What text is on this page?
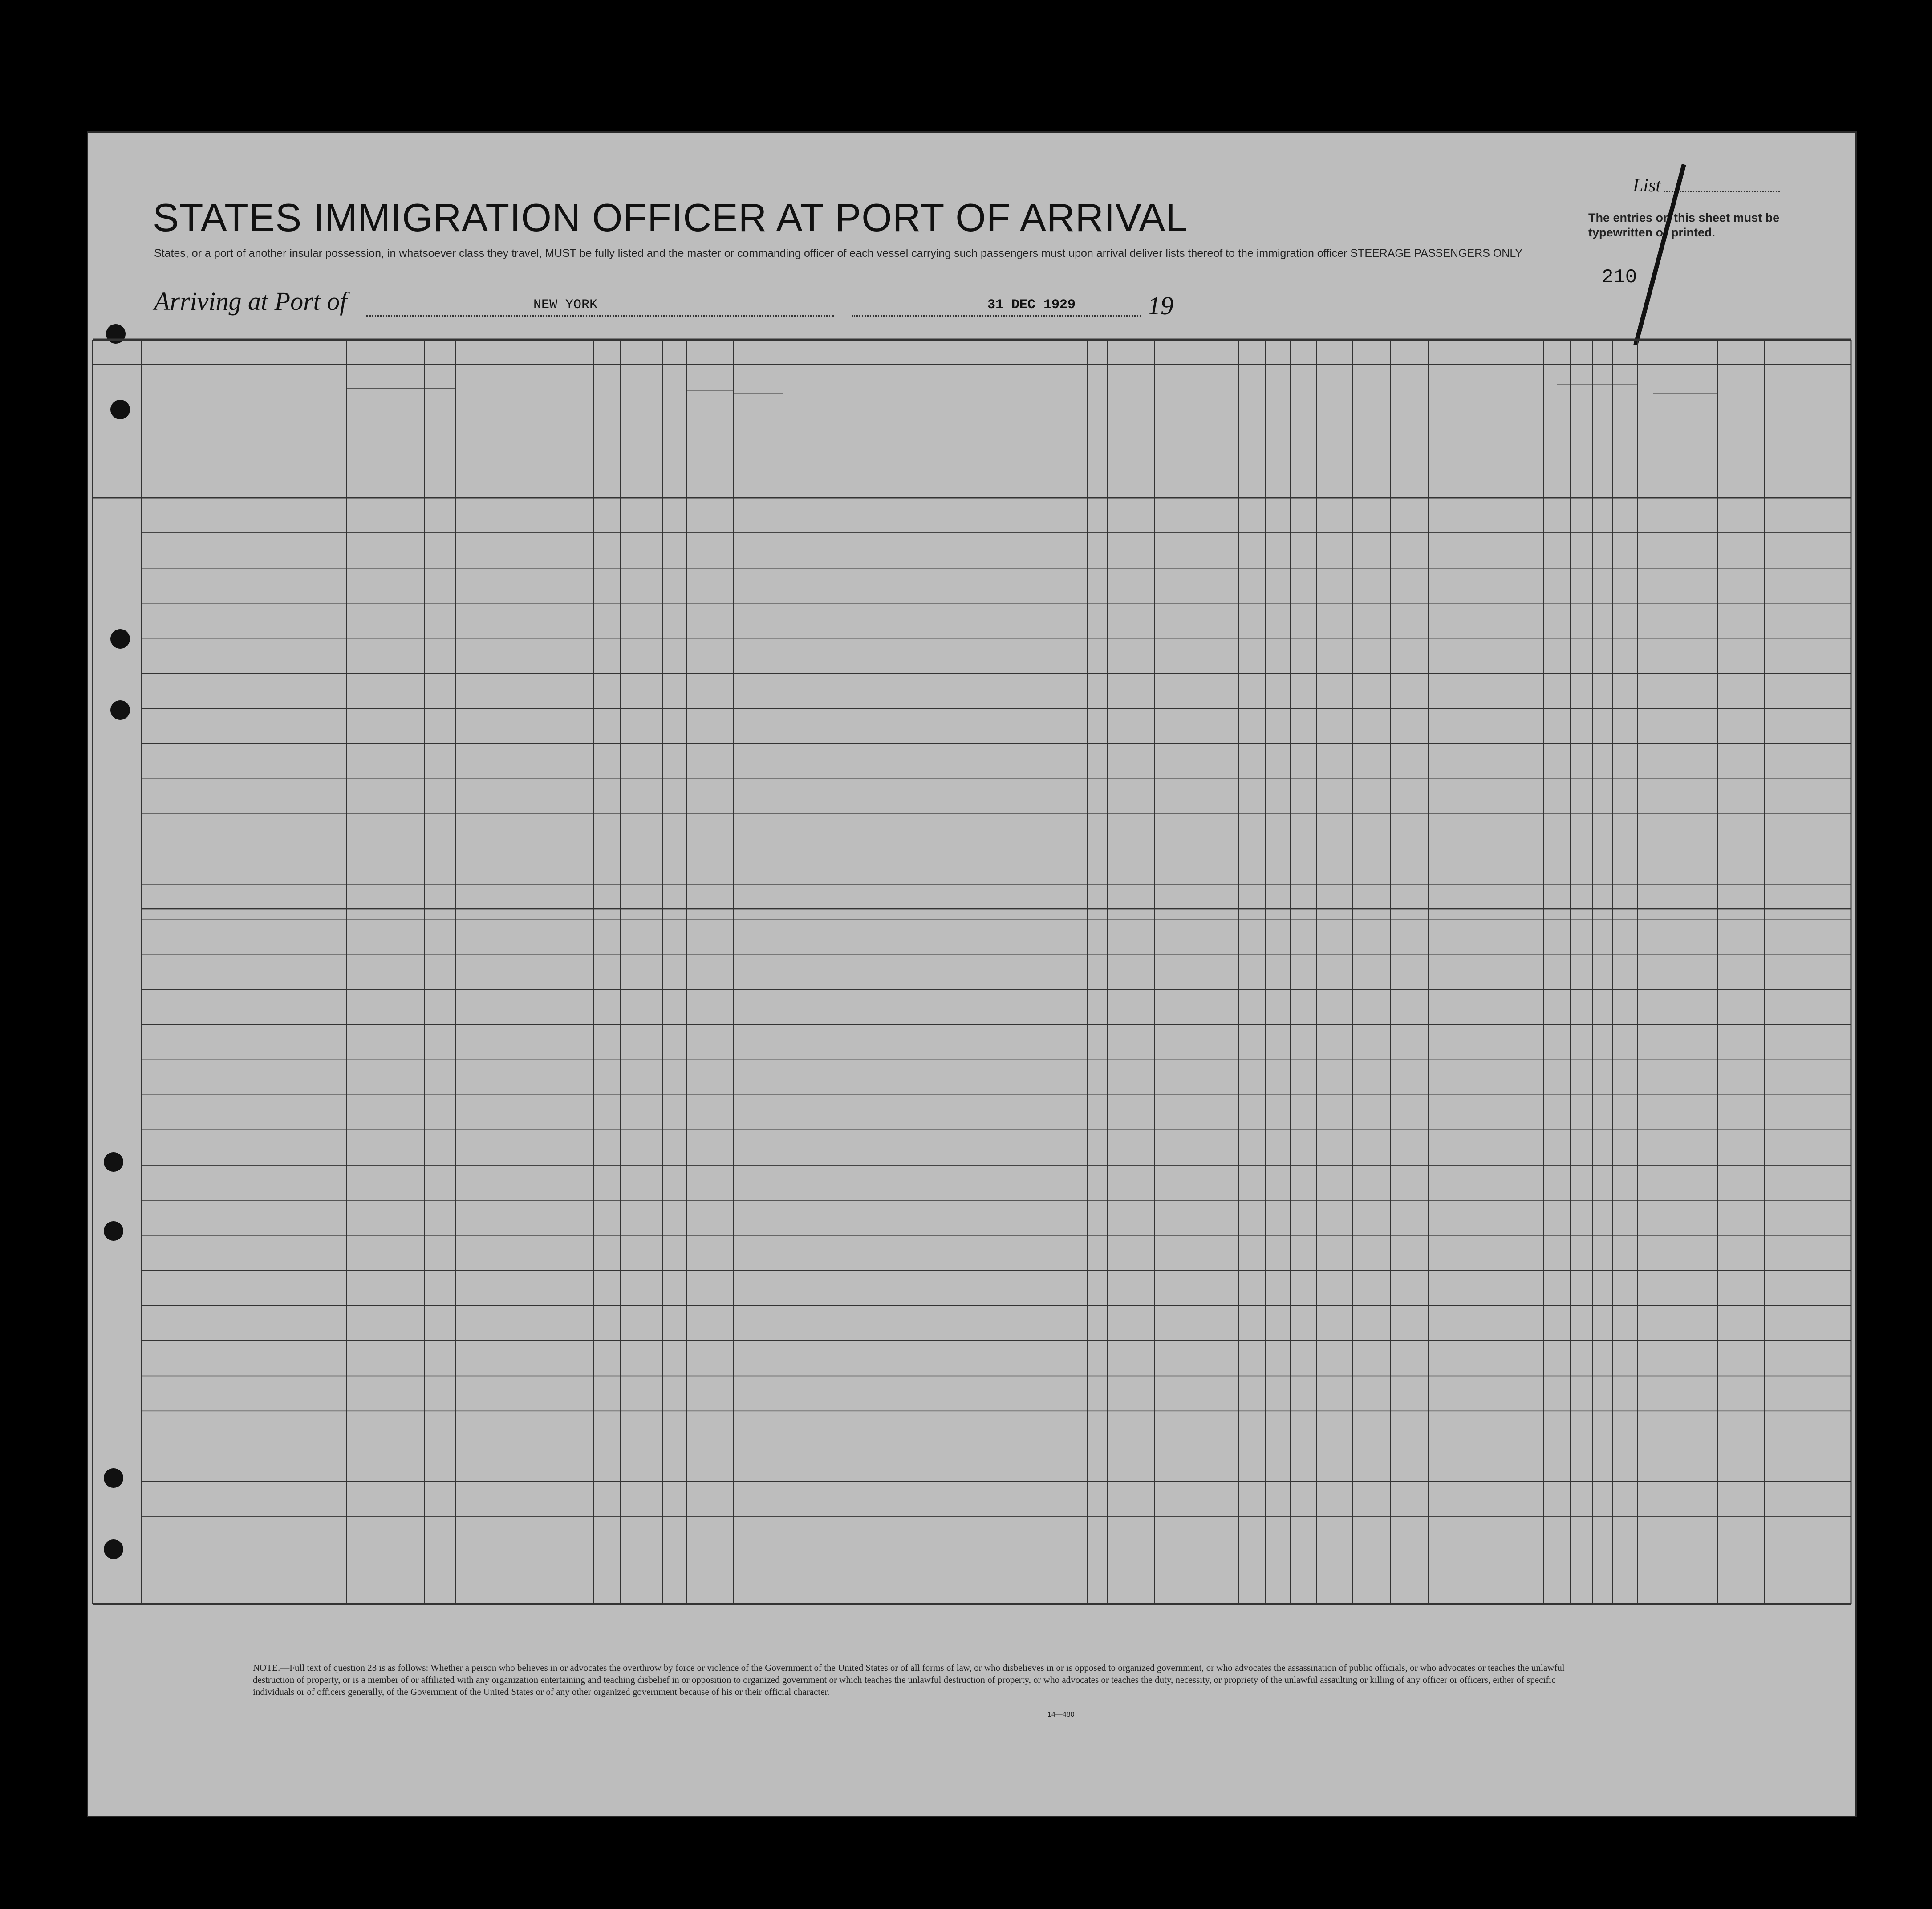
STATES IMMIGRATION OFFICER AT PORT OF ARRIVAL
States, or a port of another insular possession, in whatsoever class they travel, MUST be fully listed and the master or commanding officer of each vessel carrying such passengers must upon arrival deliver lists thereof to the immigration officer STEERAGE PASSENGERS ONLY
List
The entries on this sheet must be typewritten or printed.
210
Arriving at Port of	NEW YORK	31 DEC 1929	19
NOTE.—Full text of question 28 is as follows: Whether a person who believes in or advocates the overthrow by force or violence of the Government of the United States or of all forms of law, or who disbelieves in or is opposed to organized government, or who advocates the assassination of public officials, or who advocates or teaches the unlawful destruction of property, or is a member of or affiliated with any organization entertaining and teaching disbelief in or opposition to organized government or which teaches the unlawful destruction of property, or who advocates or teaches the duty, necessity, or propriety of the unlawful assaulting or killing of any officer or officers, either of specific individuals or of officers generally, of the Government of the United States or of any other organized government because of his or their official character.
14—480
